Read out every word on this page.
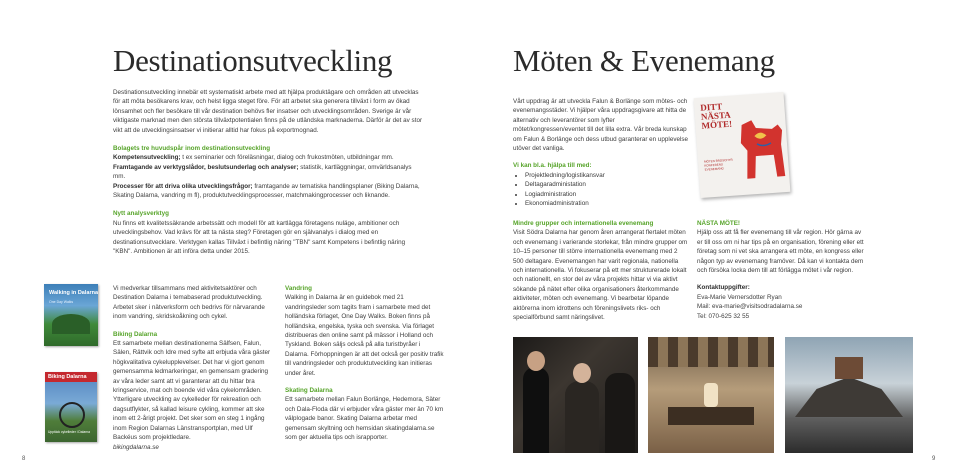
Destinationsutveckling

Destinationsutveckling innebär ett systematiskt arbete med att hjälpa produktägare och områden att utvecklas för att möta besökarens krav, och helst ligga steget före. För att arbetet ska generera tillväxt i form av ökad lönsamhet och fler besökare till vår destination behövs fler insatser och utvecklingsområden. Sverige är vår viktigaste marknad men den största tillväxtpotentialen finns på de utländska marknaderna. Därför är det av stor vikt att de utvecklingsinsatser vi initierar alltid har fokus på exportmognad.

Bolagets tre huvudspår inom destinationsutveckling

Kompetensutveckling; t ex seminarier och föreläsningar, dialog och frukostmöten, utbildningar mm.

Framtagande av verktygslådor, beslutsunderlag och analyser; statistik, kartläggningar, omvärldsanalys mm.

Processer för att driva olika utvecklingsfrågor; framtagande av tematiska handlingsplaner (Biking Dalarna, Skating Dalarna, vandring m fl), produktutvecklingsprocesser, matchmakingprocesser och liknande.

Nytt analysverktyg

Nu finns ett kvalitetssäkrande arbetssätt och modell för att kartlägga företagens nuläge, ambitioner och utvecklingsbehov. Vad krävs för att ta nästa steg? Företagen gör en självanalys i dialog med en destinationsutvecklare. Verktygen kallas Tillväxt i befintlig näring "TBN" samt Kompetens i befintlig näring "KBN". Ambitionen är att införa detta under 2015.

Walking in Dalarna
One Day Walks
Biking Dalarna
Upptäck cykelleder i Dalarna

Vi medverkar tillsammans med aktivitetsaktörer och Destination Dalarna i temabaserad produktutveckling. Arbetet sker i nätverksform och bedrivs för närvarande inom vandring, skridskoåkning och cykel.

Biking Dalarna

Ett samarbete mellan destinationerna Sälfsen, Falun, Sälen, Rättvik och Idre med syfte att erbjuda våra gäster högkvalitativa cykelupplevelser. Det har vi gjort genom gemensamma ledmarkeringar, en gemensam gradering av våra leder samt att vi garanterar att du hittar bra kringservice, mat och boende vid våra cykelområden. Ytterligare utveckling av cykelleder för rekreation och dagsutflykter, så kallad leisure cykling, kommer att ske inom ett 2-årigt projekt. Det sker som en steg 1 ingång inom Region Dalarnas Länstransportplan, med Ulf Backéus som projektledare.

bikingdalarna.se

Vandring

Walking in Dalarna är en guidebok med 21 vandringsleder som tagits fram i samarbete med det holländska förlaget, One Day Walks. Boken finns på holländska, engelska, tyska och svenska. Via förlaget distribueras den online samt på mässor i Holland och Tyskland. Boken säljs också på alla turistbyråer i Dalarna. Förhoppningen är att det också ger positiv trafik till vandringsleder och produktutveckling kan initieras under året.

Skating Dalarna

Ett samarbete mellan Falun Borlänge, Hedemora, Säter och Dala-Floda där vi erbjuder våra gäster mer än 70 km välplogade banor. Skating Dalarna arbetar med gemensam skyltning och hemsidan skatingdalarna.se som ger aktuella tips och israpporter.

8
Möten & Evenemang

Vårt uppdrag är att utveckla Falun & Borlänge som mötes- och evenemangsstäder. Vi hjälper våra uppdragsgivare att hitta de alternativ och leverantörer som lyfter mötet/kongressen/eventet till det lilla extra. Vår breda kunskap om Falun & Borlänge och dess utbud garanterar en upplevelse utöver det vanliga.

Vi kan bl.a. hjälpa till med:

• Projektledning/logistikansvar
• Deltagaradministation
• Logiadministration
• Ekonomiadministration
DITT NÄSTA MÖTE!
MÖTEN BROSCHYR KONFERENS EVENEMANG

Mindre grupper och internationella evenemang

Visit Södra Dalarna har genom åren arrangerat flertalet möten och evenemang i varierande storlekar, från mindre grupper om 10–15 personer till större internationella evenemang med 2 500 deltagare. Evenemangen har varit regionala, nationella och internationella. Vi fokuserar på ett mer strukturerade lokalt och nationellt, en stor del av våra projekts hittar vi via aktivt sökande på nätet efter olika organisationers återkommande aktiviteter, möten och evenemang. Vi bearbetar löpande aktörerna inom idrottens och föreningslivets riks- och specialförbund samt näringslivet.

NÄSTA MÖTE!

Hjälp oss att få fler evenemang till vår region. Hör gärna av er till oss om ni har tips på en organisation, förening eller ett företag som ni vet ska arrangera ett möte, en kongress eller någon typ av evenemang framöver. Då kan vi kontakta dem och försöka locka dem till att förlägga mötet i vår region.

Kontaktuppgifter:

Eva-Marie Vernersdotter Ryan

Mail: eva-marie@visitsodradalarna.se

Tel: 070-625 32 55

9
